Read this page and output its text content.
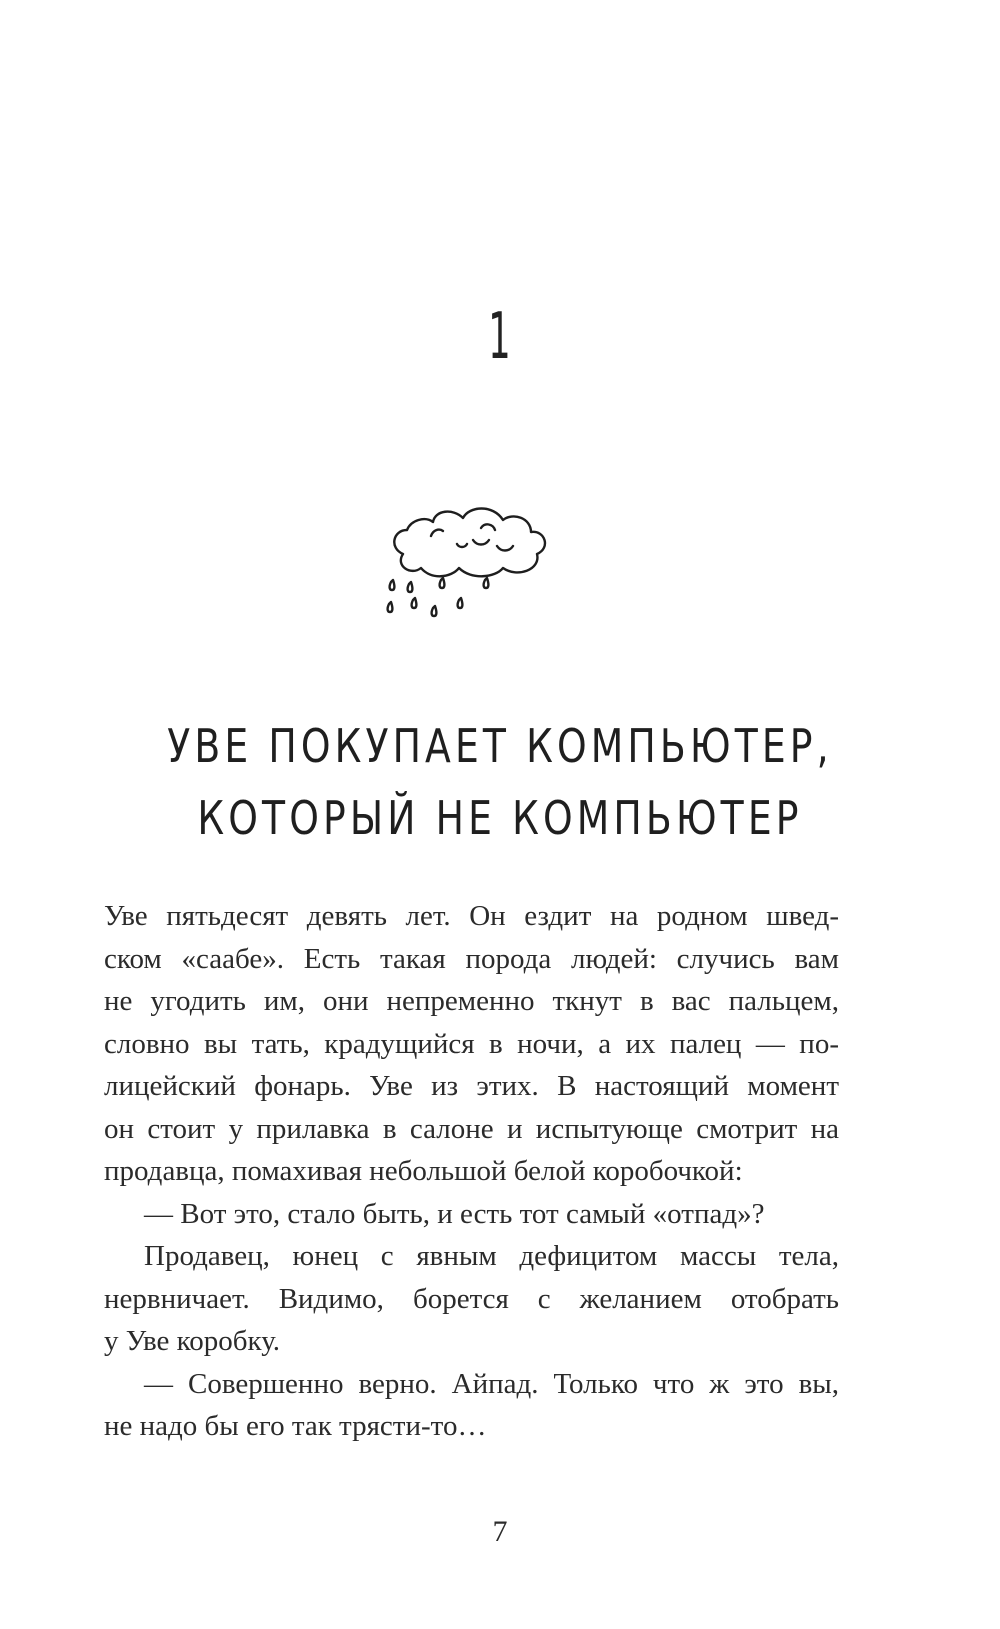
1
УВЕ ПОКУПАЕТ КОМПЬЮТЕР,
КОТОРЫЙ НЕ КОМПЬЮТЕР
Уве пятьдесят девять лет. Он ездит на родном швед-
ском «саабе». Есть такая порода людей: случись вам
не угодить им, они непременно ткнут в вас пальцем,
словно вы тать, крадущийся в ночи, а их палец — по-
лицейский фонарь. Уве из этих. В настоящий момент
он стоит у прилавка в салоне и испытующе смотрит на
продавца, помахивая небольшой белой коробочкой:
— Вот это, стало быть, и есть тот самый «отпад»?
Продавец, юнец с явным дефицитом массы тела,
нервничает. Видимо, борется с желанием отобрать
у Уве коробку.
— Совершенно верно. Айпад. Только что ж это вы,
не надо бы его так трясти-то…
7
